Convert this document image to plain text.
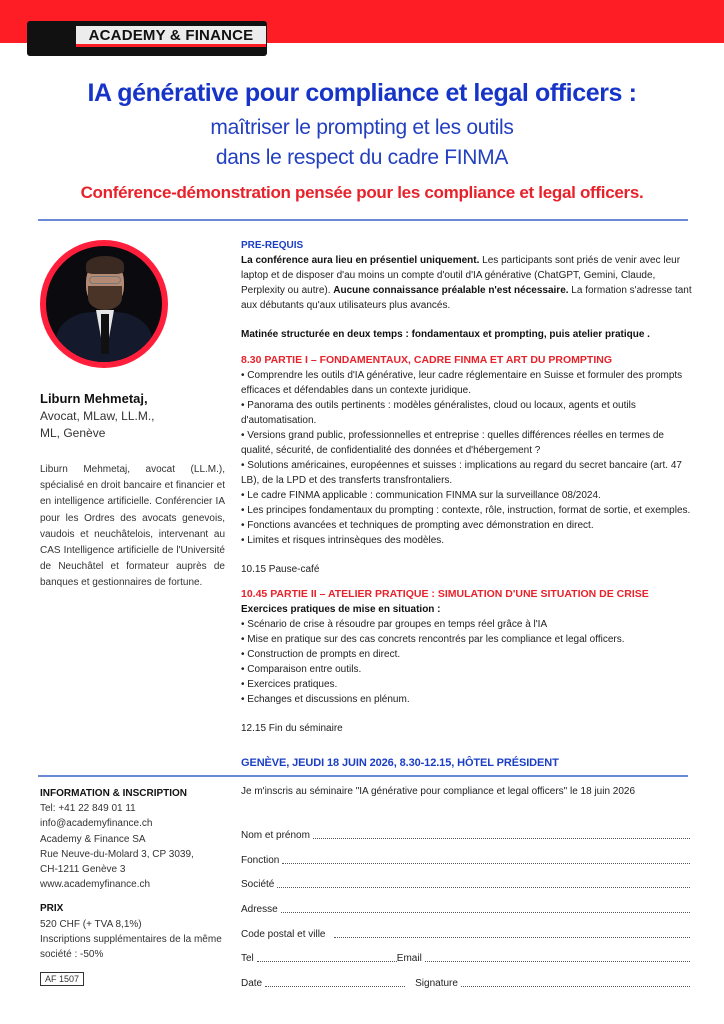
ACADEMY & FINANCE
IA générative pour compliance et legal officers :
maîtriser le prompting et les outils
dans le respect du cadre FINMA
Conférence-démonstration pensée pour les compliance et legal officers.
Liburn Mehmetaj,
Avocat, MLaw, LL.M.,
ML, Genève

Liburn Mehmetaj, avocat (LL.M.), spécialisé en droit bancaire et financier et en intelligence artificielle. Conférencier IA pour les Ordres des avocats genevois, vaudois et neuchâtelois, intervenant au CAS Intelligence artificielle de l'Université de Neuchâtel et formateur auprès de banques et gestionnaires de fortune.

PRE-REQUIS

La conférence aura lieu en présentiel uniquement. Les participants sont priés de venir avec leur laptop et de disposer d'au moins un compte d'outil d'IA générative (ChatGPT, Gemini, Claude, Perplexity ou autre). Aucune connaissance préalable n'est nécessaire. La formation s'adresse tant aux débutants qu'aux utilisateurs plus avancés.

Matinée structurée en deux temps : fondamentaux et prompting, puis atelier pratique .

8.30 PARTIE I – FONDAMENTAUX, CADRE FINMA ET ART DU PROMPTING
• Comprendre les outils d'IA générative, leur cadre réglementaire en Suisse et formuler des prompts efficaces et défendables dans un contexte juridique.
• Panorama des outils pertinents : modèles généralistes, cloud ou locaux, agents et outils d'automatisation.
• Versions grand public, professionnelles et entreprise : quelles différences réelles en termes de qualité, sécurité, de confidentialité des données et d'hébergement ?
• Solutions américaines, européennes et suisses : implications au regard du secret bancaire (art. 47 LB), de la LPD et des transferts transfrontaliers.
• Le cadre FINMA applicable : communication FINMA sur la surveillance 08/2024.
• Les principes fondamentaux du prompting : contexte, rôle, instruction, format de sortie, et exemples.
• Fonctions avancées et techniques de prompting avec démonstration en direct.
• Limites et risques intrinsèques des modèles.
10.15 Pause-café
10.45 PARTIE II – ATELIER PRATIQUE : SIMULATION D'UNE SITUATION DE CRISE
Exercices pratiques de mise en situation :
• Scénario de crise à résoudre par groupes en temps réel grâce à l'IA
• Mise en pratique sur des cas concrets rencontrés par les compliance et legal officers.
• Construction de prompts en direct.
• Comparaison entre outils.
• Exercices pratiques.
• Echanges et discussions en plénum.
12.15 Fin du séminaire
GENÈVE, JEUDI 18 JUIN 2026, 8.30-12.15, HÔTEL PRÉSIDENT
INFORMATION & INSCRIPTION
Tel: +41 22 849 01 11
info@academyfinance.ch
Academy & Finance SA
Rue Neuve-du-Molard 3, CP 3039,
CH-1211 Genève 3
www.academyfinance.ch
PRIX
520 CHF (+ TVA 8,1%)
Inscriptions supplémentaires de la même société : -50%
AF 1507
Je m'inscris au séminaire "IA générative pour compliance et legal officers" le 18 juin 2026
Nom et prénom
Fonction
Société
Adresse
Code postal et ville
Tel	Email
Date	Signature
